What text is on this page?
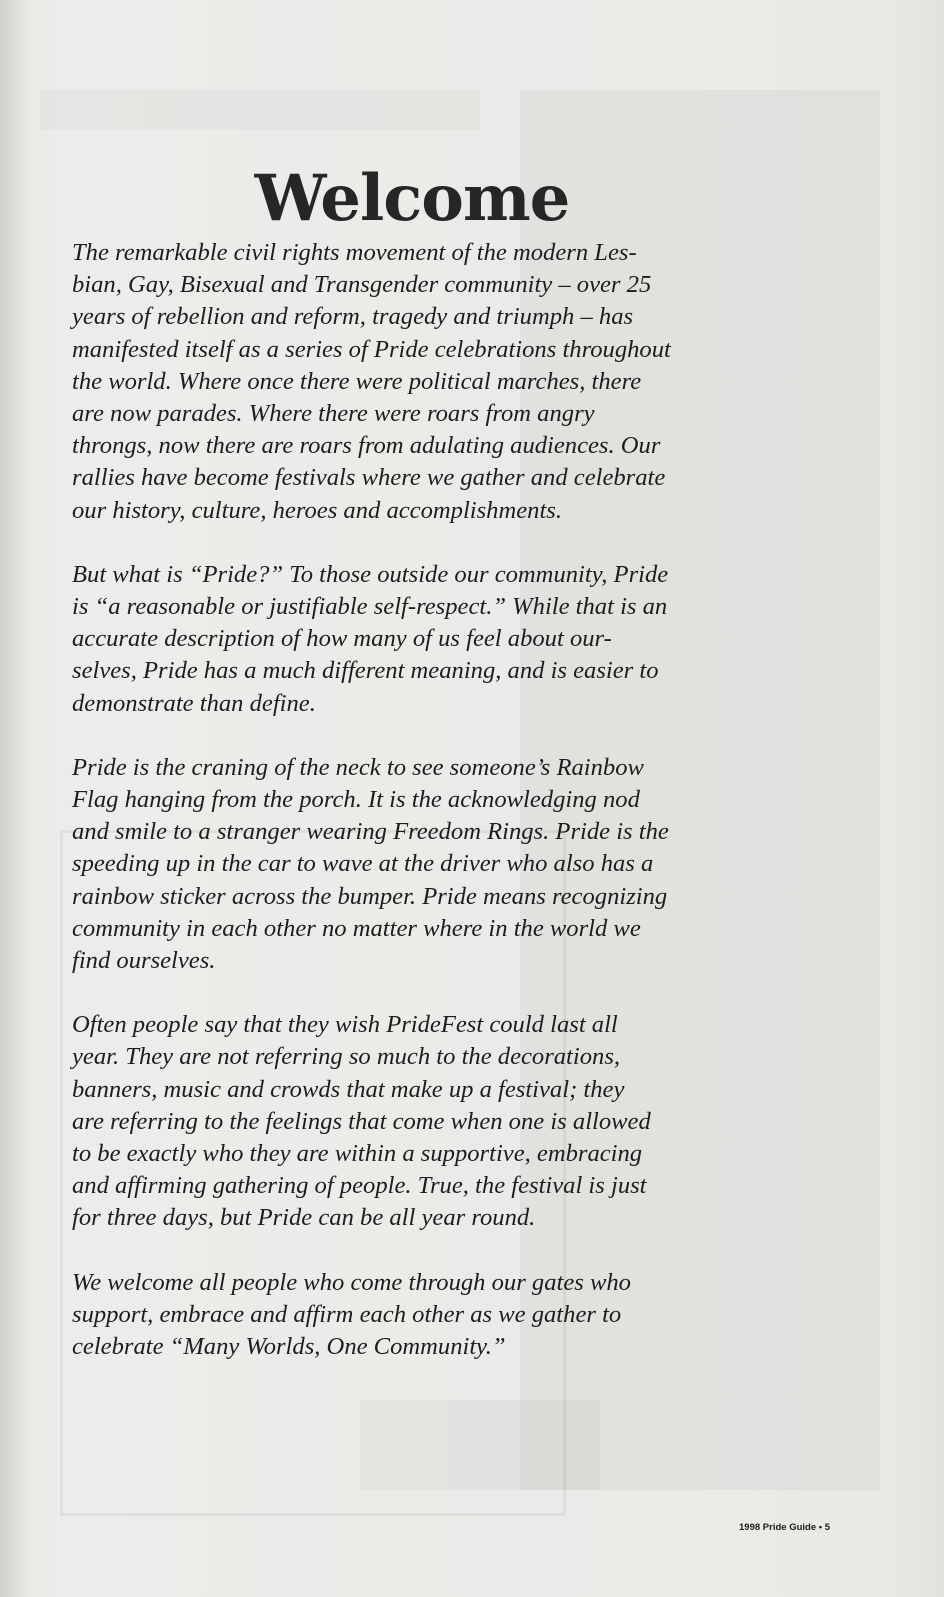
Welcome

The remarkable civil rights movement of the modern Les-
bian, Gay, Bisexual and Transgender community – over 25
years of rebellion and reform, tragedy and triumph – has
manifested itself as a series of Pride celebrations throughout
the world. Where once there were political marches, there
are now parades. Where there were roars from angry
throngs, now there are roars from adulating audiences. Our
rallies have become festivals where we gather and celebrate
our history, culture, heroes and accomplishments.

But what is “Pride?” To those outside our community, Pride
is “a reasonable or justifiable self-respect.” While that is an
accurate description of how many of us feel about our-
selves, Pride has a much different meaning, and is easier to
demonstrate than define.

Pride is the craning of the neck to see someone’s Rainbow
Flag hanging from the porch. It is the acknowledging nod
and smile to a stranger wearing Freedom Rings. Pride is the
speeding up in the car to wave at the driver who also has a
rainbow sticker across the bumper. Pride means recognizing
community in each other no matter where in the world we
find ourselves.

Often people say that they wish PrideFest could last all
year. They are not referring so much to the decorations,
banners, music and crowds that make up a festival; they
are referring to the feelings that come when one is allowed
to be exactly who they are within a supportive, embracing
and affirming gathering of people. True, the festival is just
for three days, but Pride can be all year round.

We welcome all people who come through our gates who
support, embrace and affirm each other as we gather to
celebrate “Many Worlds, One Community.”

1998 Pride Guide • 5
